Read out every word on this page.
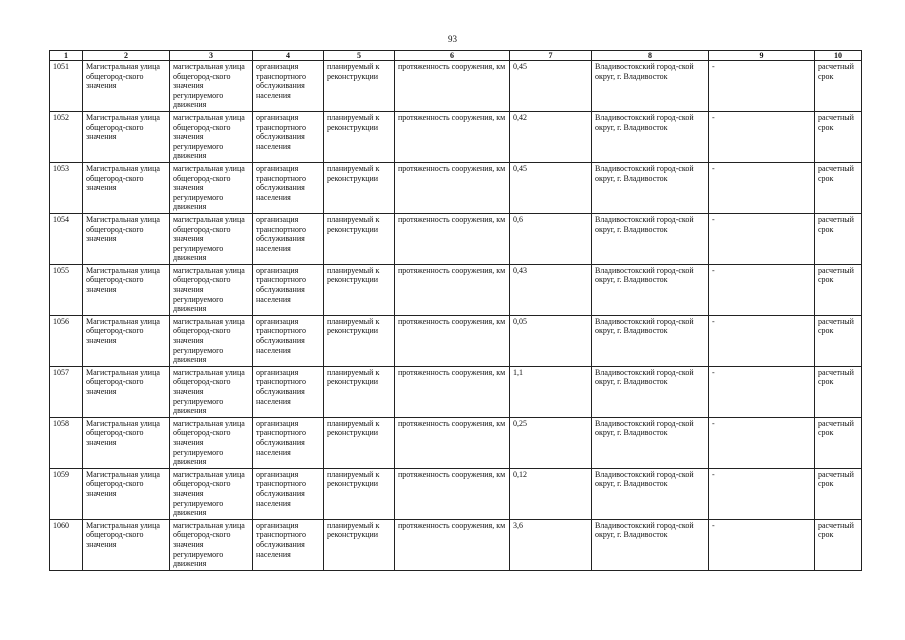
93
1	2	3	4	5	6	7	8	9	10

1051	Магистральная улица общегород-ского значения	магистральная улица общегород-ского значения регулируемого движения	организация транспортного обслуживания населения	планируемый к реконструкции	протяженность сооружения, км	0,45	Владивостокский город-ской округ, г. Владивосток	-	расчетный срок

1052	Магистральная улица общегород-ского значения	магистральная улица общегород-ского значения регулируемого движения	организация транспортного обслуживания населения	планируемый к реконструкции	протяженность сооружения, км	0,42	Владивостокский город-ской округ, г. Владивосток	-	расчетный срок

1053	Магистральная улица общегород-ского значения	магистральная улица общегород-ского значения регулируемого движения	организация транспортного обслуживания населения	планируемый к реконструкции	протяженность сооружения, км	0,45	Владивостокский город-ской округ, г. Владивосток	-	расчетный срок

1054	Магистральная улица общегород-ского значения	магистральная улица общегород-ского значения регулируемого движения	организация транспортного обслуживания населения	планируемый к реконструкции	протяженность сооружения, км	0,6	Владивостокский город-ской округ, г. Владивосток	-	расчетный срок

1055	Магистральная улица общегород-ского значения	магистральная улица общегород-ского значения регулируемого движения	организация транспортного обслуживания населения	планируемый к реконструкции	протяженность сооружения, км	0,43	Владивостокский город-ской округ, г. Владивосток	-	расчетный срок

1056	Магистральная улица общегород-ского значения	магистральная улица общегород-ского значения регулируемого движения	организация транспортного обслуживания населения	планируемый к реконструкции	протяженность сооружения, км	0,05	Владивостокский город-ской округ, г. Владивосток	-	расчетный срок

1057	Магистральная улица общегород-ского значения	магистральная улица общегород-ского значения регулируемого движения	организация транспортного обслуживания населения	планируемый к реконструкции	протяженность сооружения, км	1,1	Владивостокский город-ской округ, г. Владивосток	-	расчетный срок

1058	Магистральная улица общегород-ского значения	магистральная улица общегород-ского значения регулируемого движения	организация транспортного обслуживания населения	планируемый к реконструкции	протяженность сооружения, км	0,25	Владивостокский город-ской округ, г. Владивосток	-	расчетный срок

1059	Магистральная улица общегород-ского значения	магистральная улица общегород-ского значения регулируемого движения	организация транспортного обслуживания населения	планируемый к реконструкции	протяженность сооружения, км	0,12	Владивостокский город-ской округ, г. Владивосток	-	расчетный срок

1060	Магистральная улица общегород-ского значения	магистральная улица общегород-ского значения регулируемого движения	организация транспортного обслуживания населения	планируемый к реконструкции	протяженность сооружения, км	3,6	Владивостокский город-ской округ, г. Владивосток	-	расчетный срок
